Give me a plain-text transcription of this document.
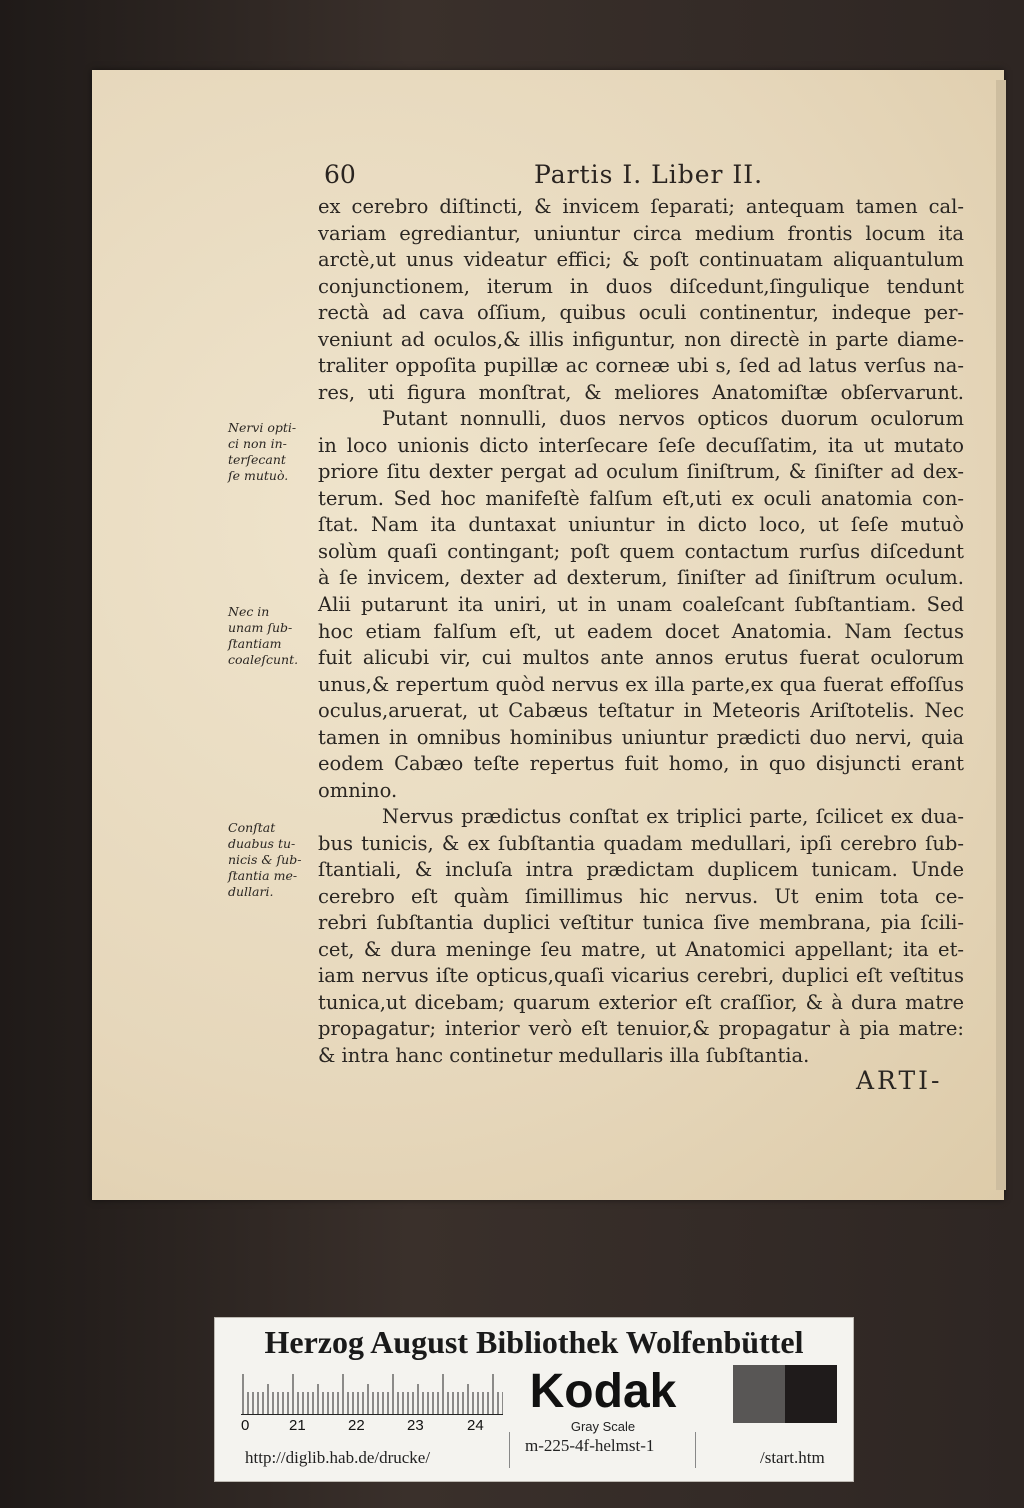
60	Partis I. Liber II.
ex cerebro diſtincti, & invicem ſeparati; antequam tamen cal-
variam egrediantur, uniuntur circa medium frontis locum ita
arctè,ut unus videatur effici; & poſt continuatam aliquantulum
conjunctionem, iterum in duos diſcedunt,ſingulique tendunt
rectà ad cava oſſium, quibus oculi continentur, indeque per-
veniunt ad oculos,& illis infiguntur, non directè in parte diame-
traliter oppoſita pupillæ ac corneæ ubi s, ſed ad latus verſus na-
res, uti figura monſtrat, & meliores Anatomiſtæ obſervarunt.
Putant nonnulli, duos nervos opticos duorum oculorum
in loco unionis dicto interſecare ſeſe decuſſatim, ita ut mutato
priore ſitu dexter pergat ad oculum ſiniſtrum, & ſiniſter ad dex-
terum. Sed hoc manifeſtè falſum eſt,uti ex oculi anatomia con-
ſtat. Nam ita duntaxat uniuntur in dicto loco, ut ſeſe mutuò
solùm quaſi contingant; poſt quem contactum rurſus diſcedunt
à ſe invicem, dexter ad dexterum, ſiniſter ad ſiniſtrum oculum.
Alii putarunt ita uniri, ut in unam coaleſcant ſubſtantiam. Sed
hoc etiam falſum eſt, ut eadem docet Anatomia. Nam ſectus
fuit alicubi vir, cui multos ante annos erutus fuerat oculorum
unus,& repertum quòd nervus ex illa parte,ex qua fuerat effoſſus
oculus,aruerat, ut Cabæus teſtatur in Meteoris Ariſtotelis. Nec
tamen in omnibus hominibus uniuntur prædicti duo nervi, quia
eodem Cabæo teſte repertus fuit homo, in quo disjuncti erant
omnino.
Nervus prædictus conſtat ex triplici parte, ſcilicet ex dua-
bus tunicis, & ex ſubſtantia quadam medullari, ipſi cerebro ſub-
ſtantiali, & incluſa intra prædictam duplicem tunicam. Unde
cerebro eſt quàm ſimillimus hic nervus. Ut enim tota ce-
rebri ſubſtantia duplici veſtitur tunica ſive membrana, pia ſcili-
cet, & dura meninge ſeu matre, ut Anatomici appellant; ita et-
iam nervus iſte opticus,quaſi vicarius cerebri, duplici eſt veſtitus
tunica,ut dicebam; quarum exterior eſt craſſior, & à dura matre
propagatur; interior verò eſt tenuior,& propagatur à pia matre:
& intra hanc continetur medullaris illa ſubſtantia.
Nervi opti-
ci non in-
terſecant
ſe mutuò.
Nec in
unam ſub-
ſtantiam
coaleſcunt.
Conſtat
duabus tu-
nicis & ſub-
ſtantia me-
dullari.
ARTI-
Herzog August Bibliothek Wolfenbüttel
0	21	22	23	24
Kodak
Gray Scale
http://diglib.hab.de/drucke/
m-225-4f-helmst-1
/start.htm
